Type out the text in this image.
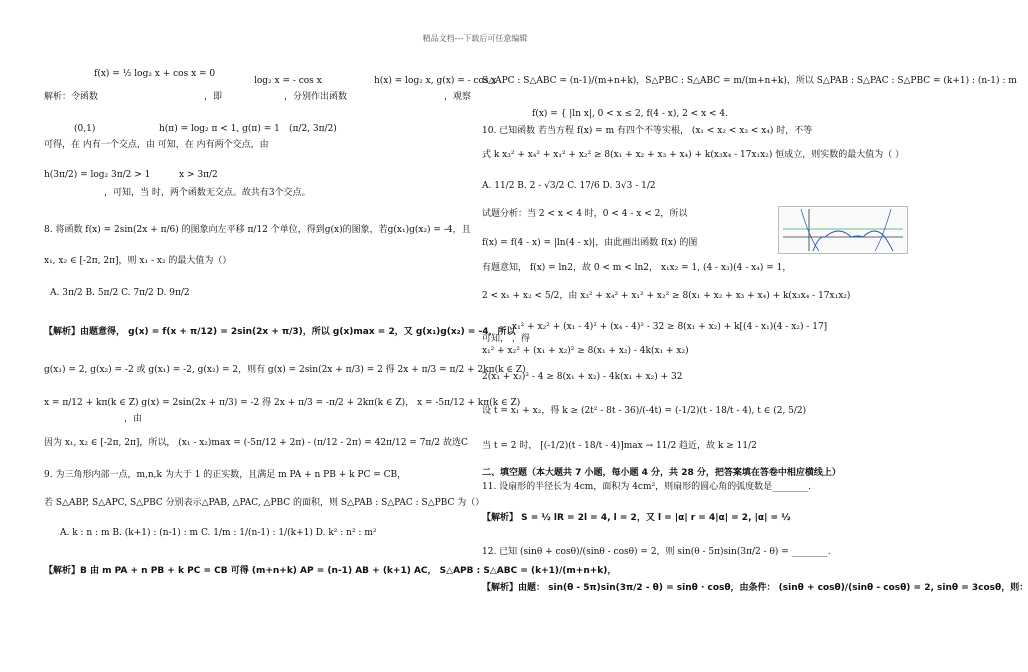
精品文档---下载后可任意编辑
f(x) = ½ log₂ x + cos x = 0
log₂ x = - cos x	h(x) = log₂ x, g(x) = - cos x
解析：令函数	，即	，分别作出函数	，观察
(0,1)	h(π) = log₂ π < 1, g(π) = 1 (π/2, 3π/2)
可得，在 内有一个交点，由 可知，在 内有两个交点，由
h(3π/2) = log₂ 3π/2 > 1	x > 3π/2
，可知，当 时，两个函数无交点。故共有3个交点。
8. 将函数 f(x) = 2sin(2x + π/6) 的图象向左平移 π/12 个单位，得到g(x)的图象，若g(x₁)g(x₂) = -4，且
x₁, x₂ ∈ [-2π, 2π]，则 x₁ - x₂ 的最大值为（）
A. 3π/2 B. 5π/2 C. 7π/2 D. 9π/2
【解析】由题意得， g(x) = f(x + π/12) = 2sin(2x + π/3)，所以 g(x)max = 2，又 g(x₁)g(x₂) = -4，所以
g(x₁) = 2, g(x₂) = -2 或 g(x₁) = -2, g(x₂) = 2，则有 g(x) = 2sin(2x + π/3) = 2 得 2x + π/3 = π/2 + 2kπ(k ∈ Z)
x = π/12 + kπ(k ∈ Z) g(x) = 2sin(2x + π/3) = -2 得 2x + π/3 = -π/2 + 2kπ(k ∈ Z)， x = -5π/12 + kπ(k ∈ Z)
，由
因为 x₁, x₂ ∈ [-2π, 2π]，所以， (x₁ - x₂)max = (-5π/12 + 2π) - (π/12 - 2π) = 42π/12 = 7π/2 故选C
9. 为三角形内部一点，m,n,k 为大于 1 的正实数，且满足 m PA + n PB + k PC = CB，
若 S△ABP, S△APC, S△PBC 分别表示△PAB, △PAC, △PBC 的面积，则 S△PAB : S△PAC : S△PBC 为（）
A. k : n : m B. (k+1) : (n-1) : m C. 1/m : 1/(n-1) : 1/(k+1) D. k² : n² : m²
【解析】B 由 m PA + n PB + k PC = CB 可得 (m+n+k) AP = (n-1) AB + (k+1) AC， S△APB : S△ABC = (k+1)/(m+n+k)，
S△APC : S△ABC = (n-1)/(m+n+k)，S△PBC : S△ABC = m/(m+n+k)，所以 S△PAB : S△PAC : S△PBC = (k+1) : (n-1) : m
f(x) = { |ln x|, 0 < x ≤ 2, f(4 - x), 2 < x < 4.
10. 已知函数 若当方程 f(x) = m 有四个不等实根， (x₁ < x₂ < x₃ < x₄) 时，不等
式 k x₃² + x₄² + x₁² + x₂² ≥ 8(x₁ + x₂ + x₃ + x₄) + k(x₃x₄ - 17x₁x₂) 恒成立，则实数的最大值为（ ）
A. 11/2 B. 2 - √3/2 C. 17/6 D. 3√3 - 1/2
试题分析：当 2 < x < 4 时，0 < 4 - x < 2，所以
f(x) = f(4 - x) = |ln(4 - x)|，由此画出函数 f(x) 的图
有题意知， f(x) = ln2，故 0 < m < ln2， x₁x₂ = 1, (4 - x₃)(4 - x₄) = 1，
2 < x₁ + x₂ < 5/2，由 x₃² + x₄² + x₁² + x₂² ≥ 8(x₁ + x₂ + x₃ + x₄) + k(x₃x₄ - 17x₁x₂)
x₁² + x₂² + (x₁ - 4)² + (x₄ - 4)² - 32 ≥ 8(x₁ + x₂) + k[(4 - x₁)(4 - x₂) - 17]
可知， ，得
x₁² + x₂² + (x₁ + x₂)² ≥ 8(x₁ + x₂) - 4k(x₁ + x₂)
2(x₁ + x₂)² - 4 ≥ 8(x₁ + x₂) - 4k(x₁ + x₂) + 32
设 t = x₁ + x₂，得 k ≥ (2t² - 8t - 36)/(-4t) = (-1/2)(t - 18/t - 4), t ∈ (2, 5/2)
当 t = 2 时， [(-1/2)(t - 18/t - 4)]max → 11/2 趋近，故 k ≥ 11/2
二、填空题（本大题共 7 小题，每小题 4 分，共 28 分，把答案填在答卷中相应横线上）
11. 设扇形的半径长为 4cm，面积为 4cm²，则扇形的圆心角的弧度数是________.
【解析】 S = ½ lR = 2l = 4, l = 2，又 l = |α| r = 4|α| = 2, |α| = ½
12. 已知 (sinθ + cosθ)/(sinθ - cosθ) = 2，则 sin(θ - 5π)sin(3π/2 - θ) = ________.
【解析】由题： sin(θ - 5π)sin(3π/2 - θ) = sinθ · cosθ，由条件： (sinθ + cosθ)/(sinθ - cosθ) = 2, sinθ = 3cosθ，则：
